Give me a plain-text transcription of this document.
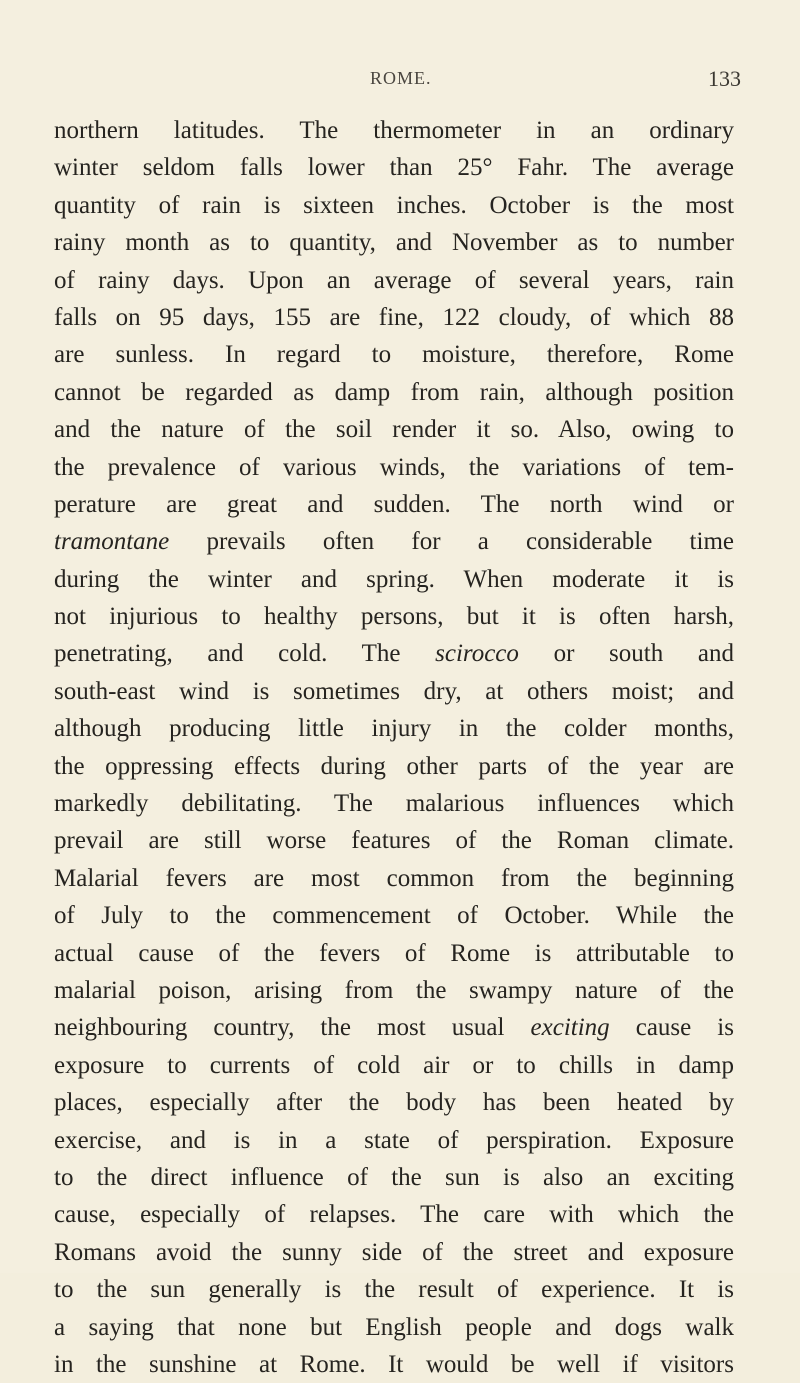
ROME.	133
northern latitudes. The thermometer in an ordinary
winter seldom falls lower than 25° Fahr. The average
quantity of rain is sixteen inches. October is the most
rainy month as to quantity, and November as to number
of rainy days. Upon an average of several years, rain
falls on 95 days, 155 are fine, 122 cloudy, of which 88
are sunless. In regard to moisture, therefore, Rome
cannot be regarded as damp from rain, although position
and the nature of the soil render it so. Also, owing to
the prevalence of various winds, the variations of tem-
perature are great and sudden. The north wind or
tramontane prevails often for a considerable time
during the winter and spring. When moderate it is
not injurious to healthy persons, but it is often harsh,
penetrating, and cold. The scirocco or south and
south-east wind is sometimes dry, at others moist; and
although producing little injury in the colder months,
the oppressing effects during other parts of the year are
markedly debilitating. The malarious influences which
prevail are still worse features of the Roman climate.
Malarial fevers are most common from the beginning
of July to the commencement of October. While the
actual cause of the fevers of Rome is attributable to
malarial poison, arising from the swampy nature of the
neighbouring country, the most usual exciting cause is
exposure to currents of cold air or to chills in damp
places, especially after the body has been heated by
exercise, and is in a state of perspiration. Exposure
to the direct influence of the sun is also an exciting
cause, especially of relapses. The care with which the
Romans avoid the sunny side of the street and exposure
to the sun generally is the result of experience. It is
a saying that none but English people and dogs walk
in the sunshine at Rome. It would be well if visitors
